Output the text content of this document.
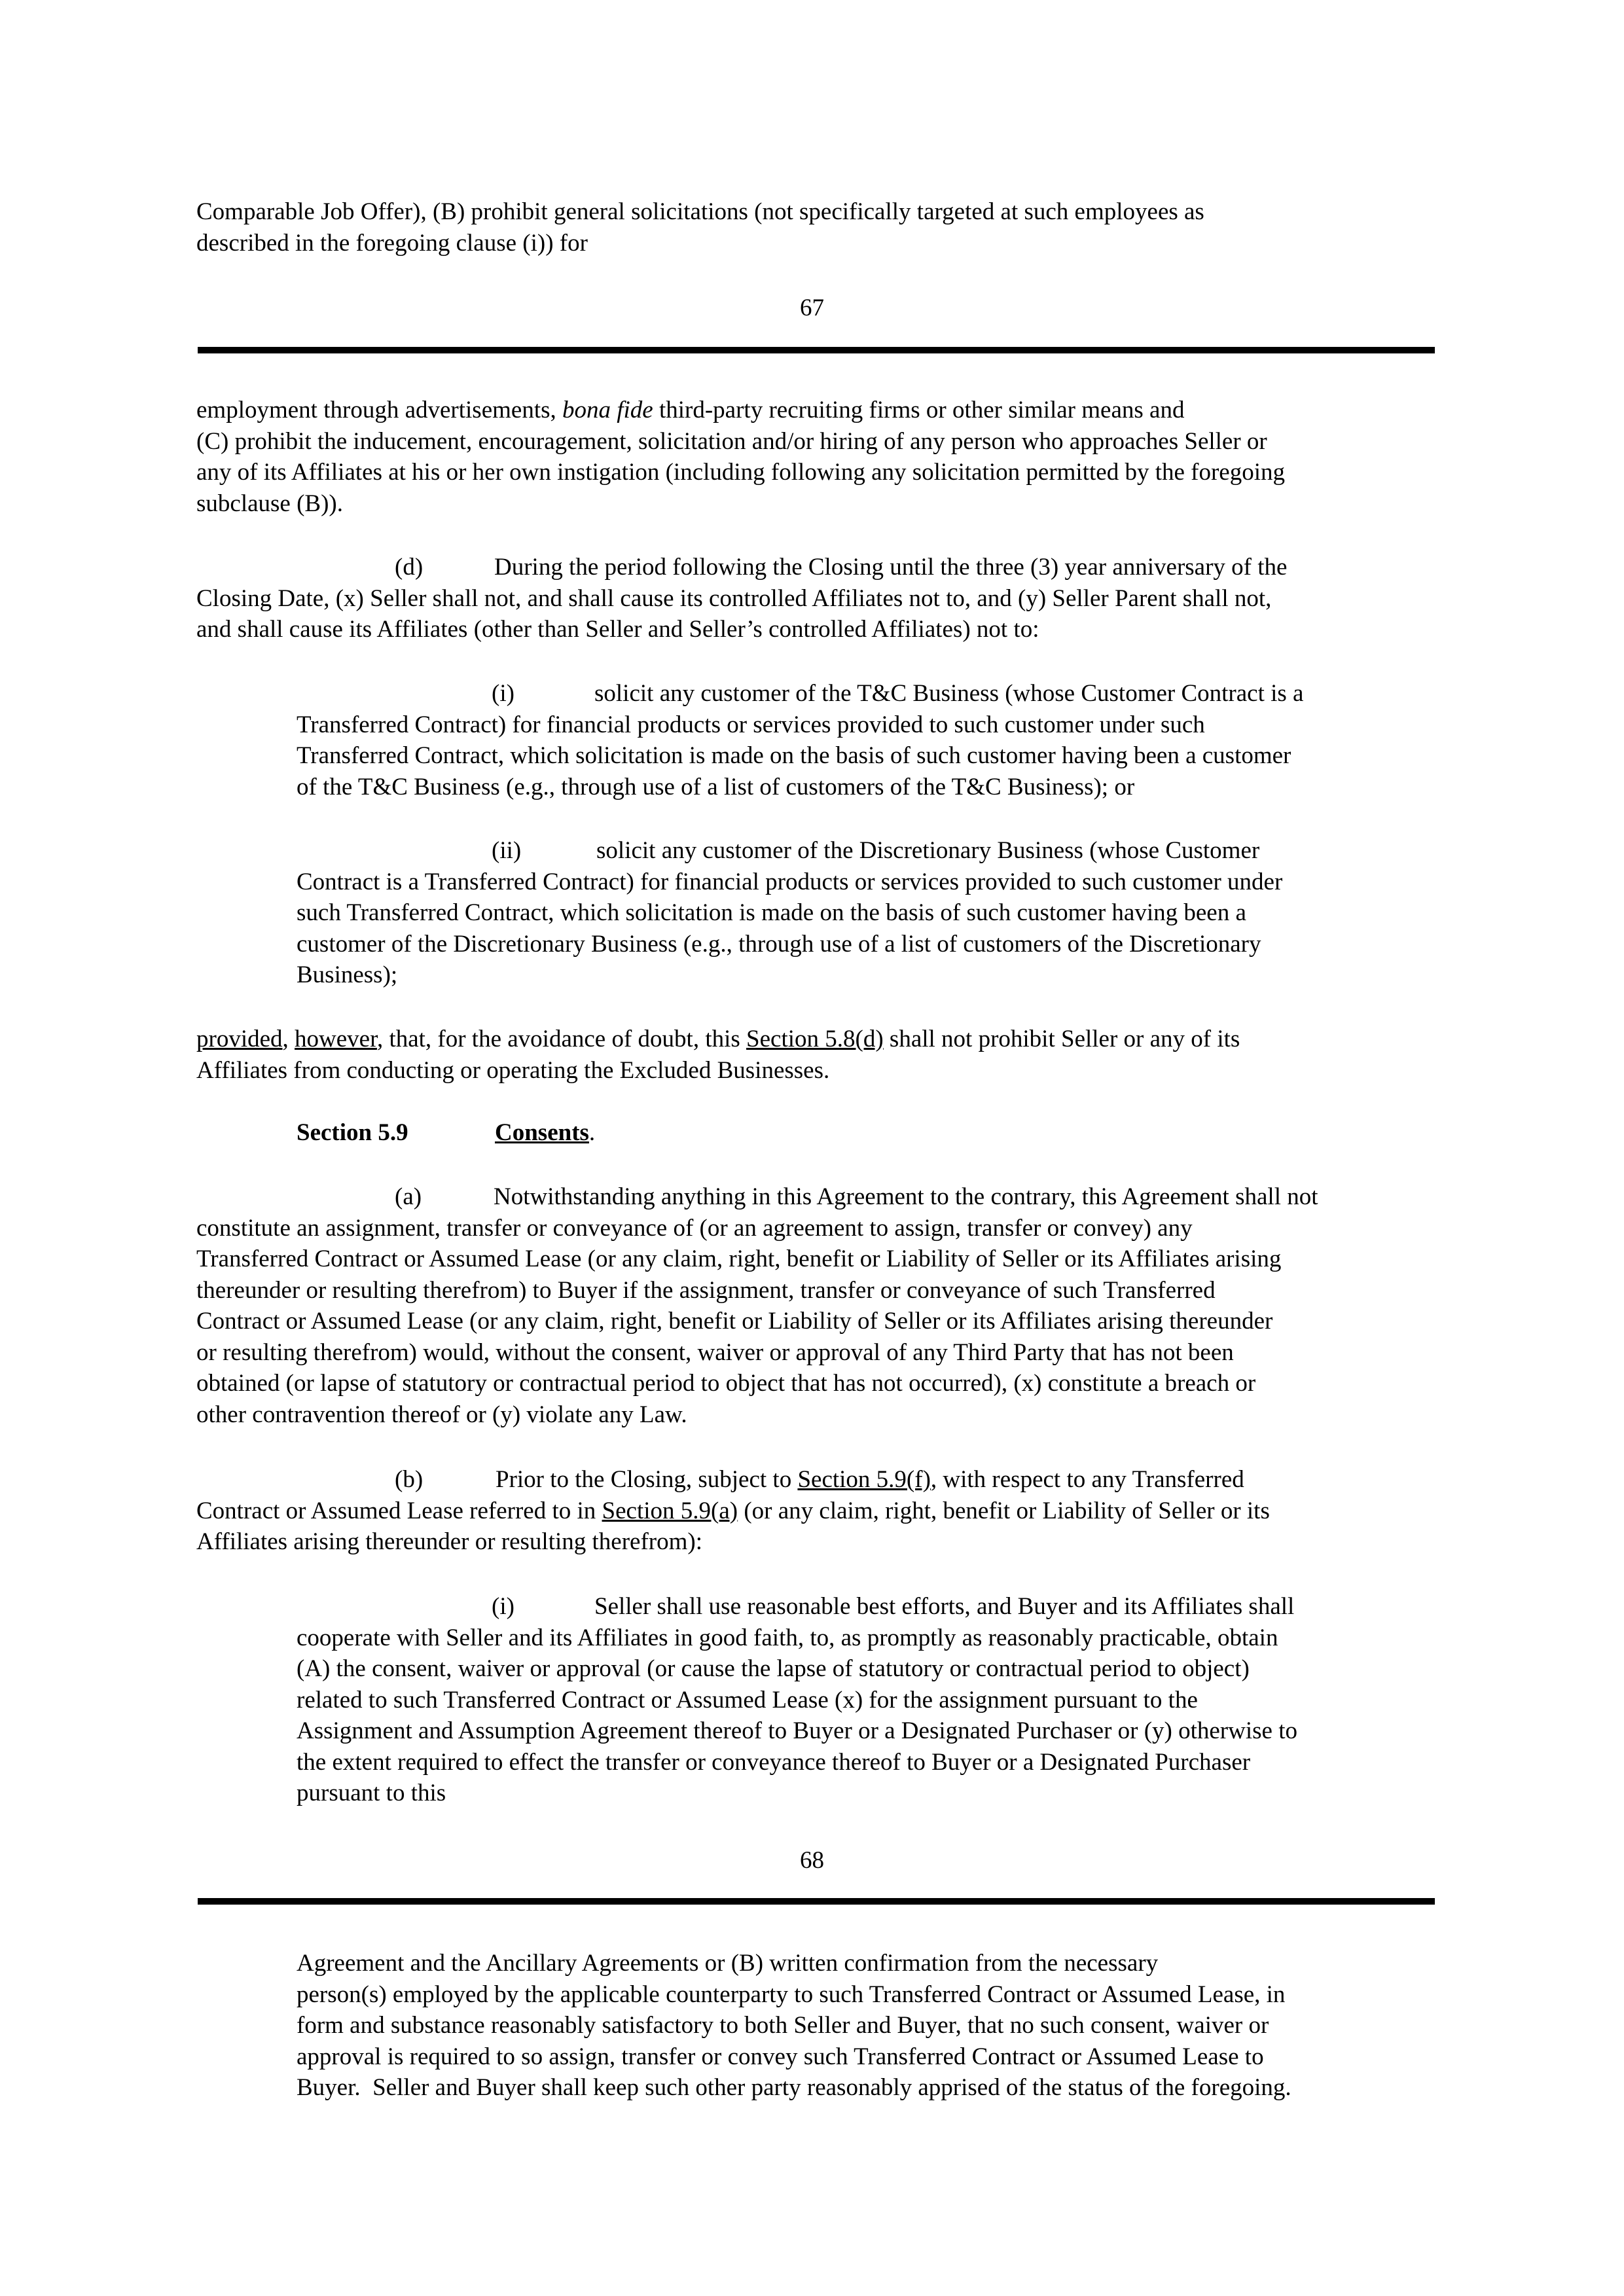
Comparable Job Offer), (B) prohibit general solicitations (not specifically targeted at such employees as
described in the foregoing clause (i)) for
67
employment through advertisements, bona fide third-party recruiting firms or other similar means and
(C) prohibit the inducement, encouragement, solicitation and/or hiring of any person who approaches Seller or
any of its Affiliates at his or her own instigation (including following any solicitation permitted by the foregoing
subclause (B)).
(d)	During the period following the Closing until the three (3) year anniversary of the
Closing Date, (x) Seller shall not, and shall cause its controlled Affiliates not to, and (y) Seller Parent shall not,
and shall cause its Affiliates (other than Seller and Seller’s controlled Affiliates) not to:
(i)	solicit any customer of the T&C Business (whose Customer Contract is a
Transferred Contract) for financial products or services provided to such customer under such
Transferred Contract, which solicitation is made on the basis of such customer having been a customer
of the T&C Business (e.g., through use of a list of customers of the T&C Business); or
(ii)	solicit any customer of the Discretionary Business (whose Customer
Contract is a Transferred Contract) for financial products or services provided to such customer under
such Transferred Contract, which solicitation is made on the basis of such customer having been a
customer of the Discretionary Business (e.g., through use of a list of customers of the Discretionary
Business);
provided, however, that, for the avoidance of doubt, this Section 5.8(d) shall not prohibit Seller or any of its
Affiliates from conducting or operating the Excluded Businesses.
Section 5.9	Consents.
(a)	Notwithstanding anything in this Agreement to the contrary, this Agreement shall not
constitute an assignment, transfer or conveyance of (or an agreement to assign, transfer or convey) any
Transferred Contract or Assumed Lease (or any claim, right, benefit or Liability of Seller or its Affiliates arising
thereunder or resulting therefrom) to Buyer if the assignment, transfer or conveyance of such Transferred
Contract or Assumed Lease (or any claim, right, benefit or Liability of Seller or its Affiliates arising thereunder
or resulting therefrom) would, without the consent, waiver or approval of any Third Party that has not been
obtained (or lapse of statutory or contractual period to object that has not occurred), (x) constitute a breach or
other contravention thereof or (y) violate any Law.
(b)	Prior to the Closing, subject to Section 5.9(f), with respect to any Transferred
Contract or Assumed Lease referred to in Section 5.9(a) (or any claim, right, benefit or Liability of Seller or its
Affiliates arising thereunder or resulting therefrom):
(i)	Seller shall use reasonable best efforts, and Buyer and its Affiliates shall
cooperate with Seller and its Affiliates in good faith, to, as promptly as reasonably practicable, obtain
(A) the consent, waiver or approval (or cause the lapse of statutory or contractual period to object)
related to such Transferred Contract or Assumed Lease (x) for the assignment pursuant to the
Assignment and Assumption Agreement thereof to Buyer or a Designated Purchaser or (y) otherwise to
the extent required to effect the transfer or conveyance thereof to Buyer or a Designated Purchaser
pursuant to this
68
Agreement and the Ancillary Agreements or (B) written confirmation from the necessary
person(s) employed by the applicable counterparty to such Transferred Contract or Assumed Lease, in
form and substance reasonably satisfactory to both Seller and Buyer, that no such consent, waiver or
approval is required to so assign, transfer or convey such Transferred Contract or Assumed Lease to
Buyer.  Seller and Buyer shall keep such other party reasonably apprised of the status of the foregoing.
